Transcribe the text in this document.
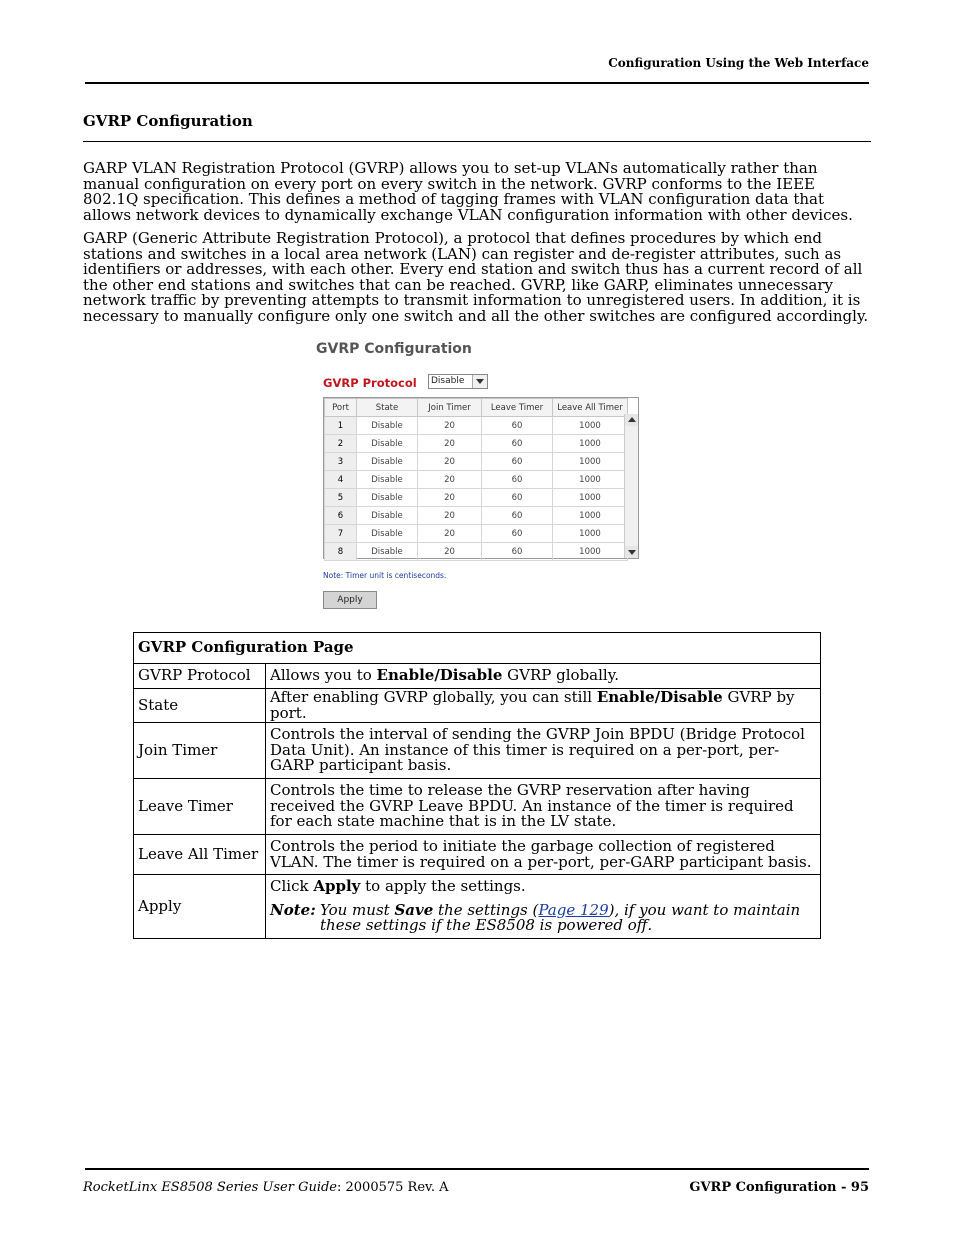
Configuration Using the Web Interface
GVRP Configuration

GARP VLAN Registration Protocol (GVRP) allows you to set-up VLANs automatically rather than manual configuration on every port on every switch in the network. GVRP conforms to the IEEE 802.1Q specification. This defines a method of tagging frames with VLAN configuration data that allows network devices to dynamically exchange VLAN configuration information with other devices.

GARP (Generic Attribute Registration Protocol), a protocol that defines procedures by which end stations and switches in a local area network (LAN) can register and de-register attributes, such as identifiers or addresses, with each other. Every end station and switch thus has a current record of all the other end stations and switches that can be reached. GVRP, like GARP, eliminates unnecessary network traffic by preventing attempts to transmit information to unregistered users. In addition, it is necessary to manually configure only one switch and all the other switches are configured accordingly.

GVRP Configuration
GVRP Protocol Disable
Port	State	Join Timer	Leave Timer	Leave All Timer
1	Disable	20	60	1000
2	Disable	20	60	1000
3	Disable	20	60	1000
4	Disable	20	60	1000
5	Disable	20	60	1000
6	Disable	20	60	1000
7	Disable	20	60	1000
8	Disable	20	60	1000
Note: Timer unit is centiseconds.
Apply
GVRP Configuration Page	
GVRP Protocol	Allows you to Enable/Disable GVRP globally.
State	After enabling GVRP globally, you can still Enable/Disable GVRP by port.
Join Timer	Controls the interval of sending the GVRP Join BPDU (Bridge Protocol Data Unit). An instance of this timer is required on a per-port, per-GARP participant basis.
Leave Timer	Controls the time to release the GVRP reservation after having received the GVRP Leave BPDU. An instance of the timer is required for each state machine that is in the LV state.
Leave All Timer	Controls the period to initiate the garbage collection of registered VLAN. The timer is required on a per-port, per-GARP participant basis.
Apply	Click Apply to apply the settings.

Note: You must Save the settings (Page 129), if you want to maintain these settings if the ES8508 is powered off.
RocketLinx ES8508 Series User Guide: 2000575 Rev. A	GVRP Configuration - 95
